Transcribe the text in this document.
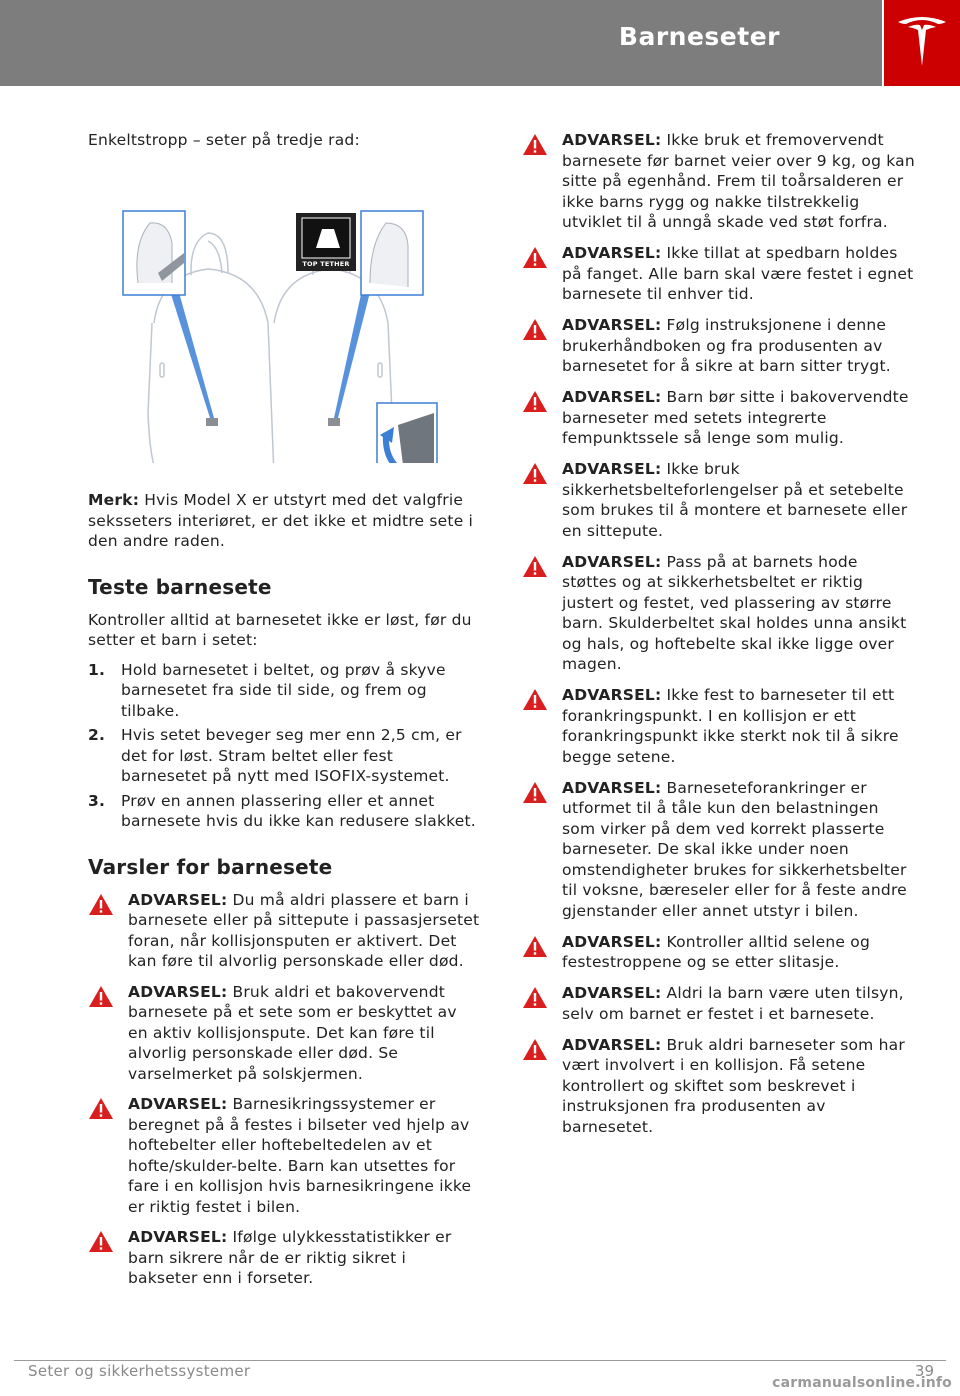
Barneseter

Enkeltstropp – seter på tredje rad:

TOP TETHER

Merk: Hvis Model X er utstyrt med det valgfrie seksseters interiøret, er det ikke et midtre sete i den andre raden.

Teste barnesete

Kontroller alltid at barnesetet ikke er løst, før du setter et barn i setet:

1. Hold barnesetet i beltet, og prøv å skyve barnesetet fra side til side, og frem og tilbake.
2. Hvis setet beveger seg mer enn 2,5 cm, er det for løst. Stram beltet eller fest barnesetet på nytt med ISOFIX-systemet.
3. Prøv en annen plassering eller et annet barnesete hvis du ikke kan redusere slakket.
Varsler for barnesete
ADVARSEL: Du må aldri plassere et barn i barnesete eller på sittepute i passasjersetet foran, når kollisjonsputen er aktivert. Det kan føre til alvorlig personskade eller død.
ADVARSEL: Bruk aldri et bakovervendt barnesete på et sete som er beskyttet av en aktiv kollisjonspute. Det kan føre til alvorlig personskade eller død. Se varselmerket på solskjermen.
ADVARSEL: Barnesikringssystemer er beregnet på å festes i bilseter ved hjelp av hoftebelter eller hoftebeltedelen av et hofte/skulder-belte. Barn kan utsettes for fare i en kollisjon hvis barnesikringene ikke er riktig festet i bilen.
ADVARSEL: Ifølge ulykkesstatistikker er barn sikrere når de er riktig sikret i bakseter enn i forseter.
ADVARSEL: Ikke bruk et fremovervendt barnesete før barnet veier over 9 kg, og kan sitte på egenhånd. Frem til toårsalderen er ikke barns rygg og nakke tilstrekkelig utviklet til å unngå skade ved støt forfra.
ADVARSEL: Ikke tillat at spedbarn holdes på fanget. Alle barn skal være festet i egnet barnesete til enhver tid.
ADVARSEL: Følg instruksjonene i denne brukerhåndboken og fra produsenten av barnesetet for å sikre at barn sitter trygt.
ADVARSEL: Barn bør sitte i bakovervendte barneseter med setets integrerte fempunktssele så lenge som mulig.
ADVARSEL: Ikke bruk sikkerhetsbelteforlengelser på et setebelte som brukes til å montere et barnesete eller en sittepute.
ADVARSEL: Pass på at barnets hode støttes og at sikkerhetsbeltet er riktig justert og festet, ved plassering av større barn. Skulderbeltet skal holdes unna ansikt og hals, og hoftebelte skal ikke ligge over magen.
ADVARSEL: Ikke fest to barneseter til ett forankringspunkt. I en kollisjon er ett forankringspunkt ikke sterkt nok til å sikre begge setene.
ADVARSEL: Barneseteforankringer er utformet til å tåle kun den belastningen som virker på dem ved korrekt plasserte barneseter. De skal ikke under noen omstendigheter brukes for sikkerhetsbelter til voksne, bæreseler eller for å feste andre gjenstander eller annet utstyr i bilen.
ADVARSEL: Kontroller alltid selene og festestroppene og se etter slitasje.
ADVARSEL: Aldri la barn være uten tilsyn, selv om barnet er festet i et barnesete.
ADVARSEL: Bruk aldri barneseter som har vært involvert i en kollisjon. Få setene kontrollert og skiftet som beskrevet i instruksjonen fra produsenten av barnesetet.
Seter og sikkerhetssystemer	39
carmanualsonline.info
